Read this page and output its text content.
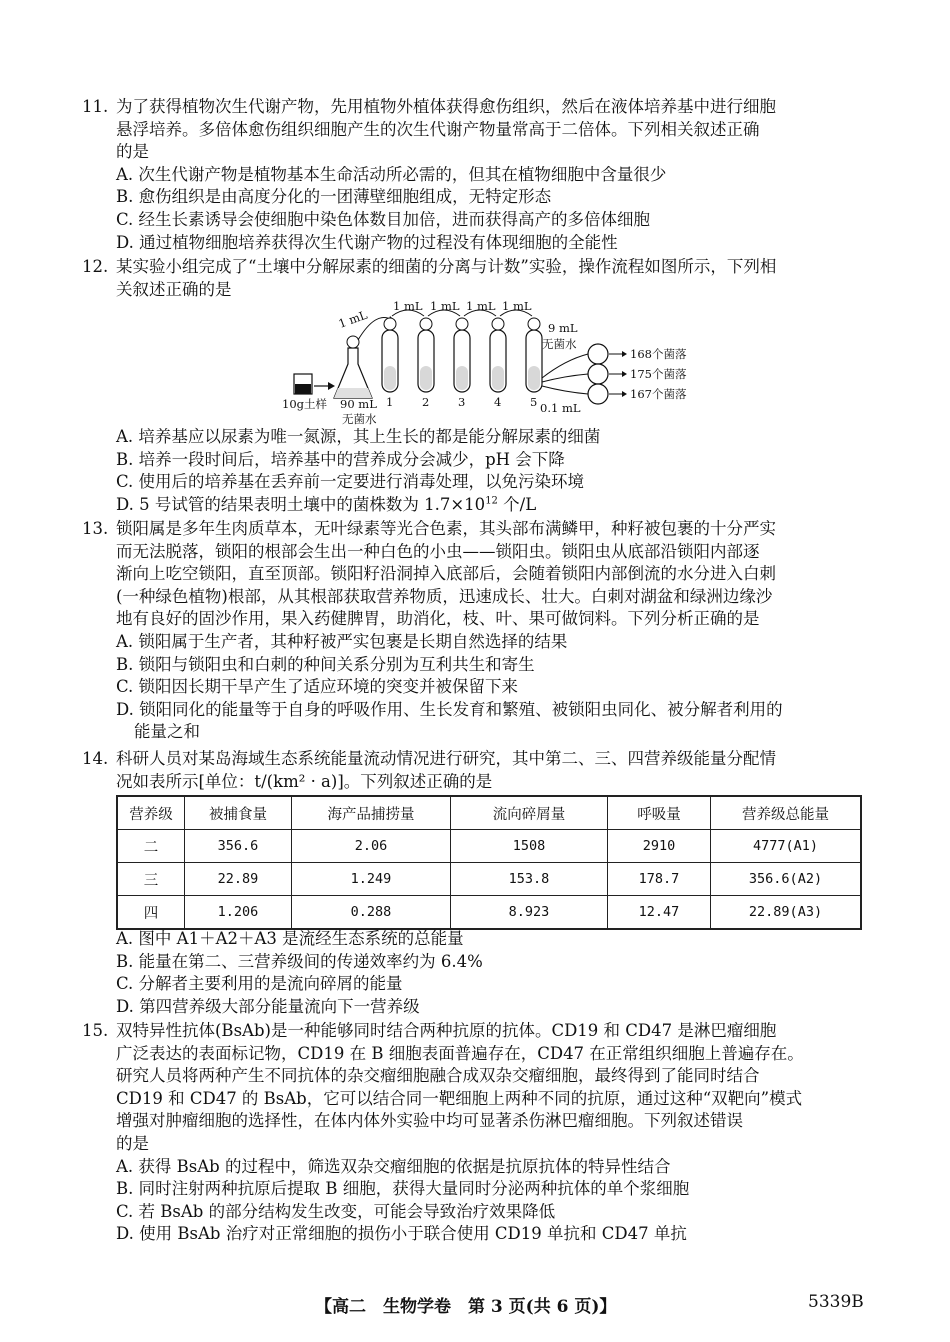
11. 为了获得植物次生代谢产物，先用植物外植体获得愈伤组织，然后在液体培养基中进行细胞
悬浮培养。多倍体愈伤组织细胞产生的次生代谢产物量常高于二倍体。下列相关叙述正确
的是
A. 次生代谢产物是植物基本生命活动所必需的，但其在植物细胞中含量很少
B. 愈伤组织是由高度分化的一团薄壁细胞组成，无特定形态
C. 经生长素诱导会使细胞中染色体数目加倍，进而获得高产的多倍体细胞
D. 通过植物细胞培养获得次生代谢产物的过程没有体现细胞的全能性
12. 某实验小组完成了“土壤中分解尿素的细菌的分离与计数”实验，操作流程如图所示，下列相
关叙述正确的是
1 mL
1 mL 1 mL 1 mL 1 mL
1 2 3 4 5
10g土样 90 mL
无菌水
9 mL
无菌水
0.1 mL
168个菌落
175个菌落
167个菌落
A. 培养基应以尿素为唯一氮源，其上生长的都是能分解尿素的细菌
B. 培养一段时间后，培养基中的营养成分会减少，pH 会下降
C. 使用后的培养基在丢弃前一定要进行消毒处理，以免污染环境
D. 5 号试管的结果表明土壤中的菌株数为 $1.7\times 10^{12}$ 个/L
13. 锁阳属是多年生肉质草本，无叶绿素等光合色素，其头部布满鳞甲，种籽被包裹的十分严实
而无法脱落，锁阳的根部会生出一种白色的小虫——锁阳虫。锁阳虫从底部沿锁阳内部逐
渐向上吃空锁阳，直至顶部。锁阳籽沿洞掉入底部后，会随着锁阳内部倒流的水分进入白刺
(一种绿色植物)根部，从其根部获取营养物质，迅速成长、壮大。白刺对湖盆和绿洲边缘沙
地有良好的固沙作用，果入药健脾胃，助消化，枝、叶、果可做饲料。下列分析正确的是
A. 锁阳属于生产者，其种籽被严实包裹是长期自然选择的结果
B. 锁阳与锁阳虫和白刺的种间关系分别为互利共生和寄生
C. 锁阳因长期干旱产生了适应环境的突变并被保留下来
D. 锁阳同化的能量等于自身的呼吸作用、生长发育和繁殖、被锁阳虫同化、被分解者利用的
能量之和
14. 科研人员对某岛海域生态系统能量流动情况进行研究，其中第二、三、四营养级能量分配情
况如表所示[单位：t/(km² · a)]。下列叙述正确的是
营养级	被捕食量	海产品捕捞量	流向碎屑量	呼吸量	营养级总能量
二	356.6	2.06	1508	2910	4777(A1)
三	22.89	1.249	153.8	178.7	356.6(A2)
四	1.206	0.288	8.923	12.47	22.89(A3)
A. 图中 A1＋A2＋A3 是流经生态系统的总能量
B. 能量在第二、三营养级间的传递效率约为 6.4%
C. 分解者主要利用的是流向碎屑的能量
D. 第四营养级大部分能量流向下一营养级
15. 双特异性抗体(BsAb)是一种能够同时结合两种抗原的抗体。CD19 和 CD47 是淋巴瘤细胞
广泛表达的表面标记物，CD19 在 B 细胞表面普遍存在，CD47 在正常组织细胞上普遍存在。
研究人员将两种产生不同抗体的杂交瘤细胞融合成双杂交瘤细胞，最终得到了能同时结合
CD19 和 CD47 的 BsAb，它可以结合同一靶细胞上两种不同的抗原，通过这种“双靶向”模式
增强对肿瘤细胞的选择性，在体内体外实验中均可显著杀伤淋巴瘤细胞。下列叙述错误
的是
A. 获得 BsAb 的过程中，筛选双杂交瘤细胞的依据是抗原抗体的特异性结合
B. 同时注射两种抗原后提取 B 细胞，获得大量同时分泌两种抗体的单个浆细胞
C. 若 BsAb 的部分结构发生改变，可能会导致治疗效果降低
D. 使用 BsAb 治疗对正常细胞的损伤小于联合使用 CD19 单抗和 CD47 单抗
【高二　生物学卷　第 3 页(共 6 页)】	5339B
